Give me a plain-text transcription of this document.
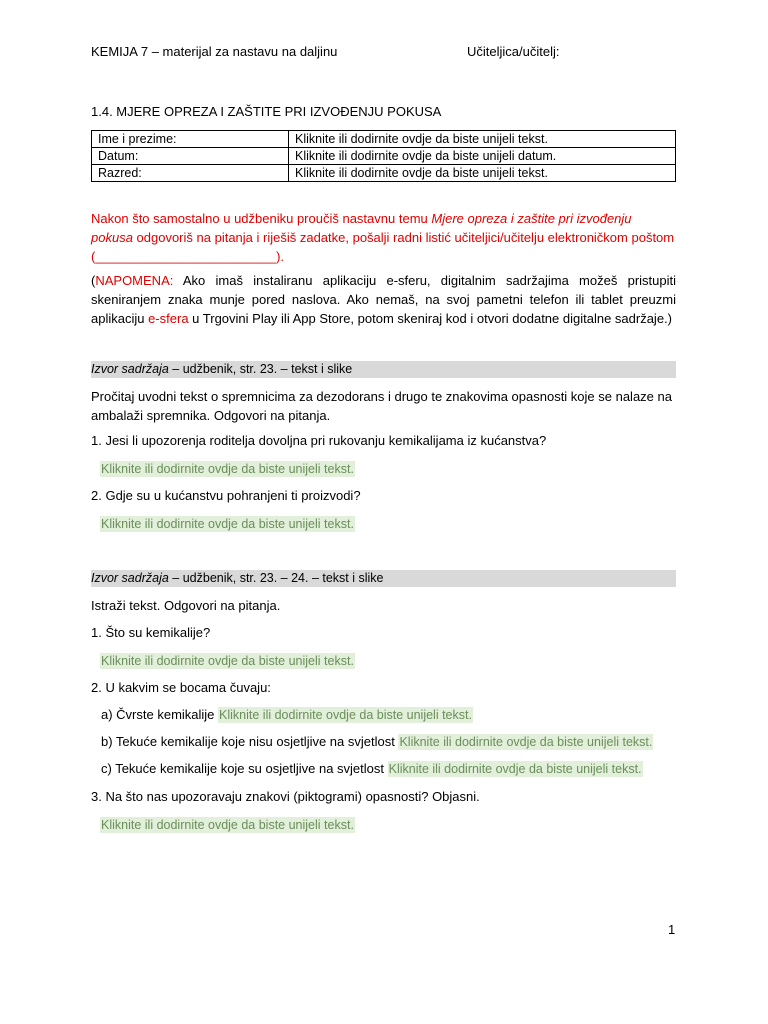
KEMIJA 7 – materijal za nastavu na daljinu	Učiteljica/učitelj:
1.4. MJERE OPREZA I ZAŠTITE PRI IZVOĐENJU POKUSA
Ime i prezime:	Kliknite ili dodirnite ovdje da biste unijeli tekst.
Datum:	Kliknite ili dodirnite ovdje da biste unijeli datum.
Razred:	Kliknite ili dodirnite ovdje da biste unijeli tekst.
Nakon što samostalno u udžbeniku proučiš nastavnu temu Mjere opreza i zaštite pri izvođenju pokusa odgovoriš na pitanja i riješiš zadatke, pošalji radni listić učiteljici/učitelju elektroničkom poštom (_________________________).
(NAPOMENA: Ako imaš instaliranu aplikaciju e-sferu, digitalnim sadržajima možeš pristupiti skeniranjem znaka munje pored naslova. Ako nemaš, na svoj pametni telefon ili tablet preuzmi aplikaciju e-sfera u Trgovini Play ili App Store, potom skeniraj kod i otvori dodatne digitalne sadržaje.)
Izvor sadržaja – udžbenik, str. 23. – tekst i slike
Pročitaj uvodni tekst o spremnicima za dezodorans i drugo te znakovima opasnosti koje se nalaze na ambalaži spremnika. Odgovori na pitanja.
1. Jesi li upozorenja roditelja dovoljna pri rukovanju kemikalijama iz kućanstva?
Kliknite ili dodirnite ovdje da biste unijeli tekst.
2. Gdje su u kućanstvu pohranjeni ti proizvodi?
Kliknite ili dodirnite ovdje da biste unijeli tekst.
Izvor sadržaja – udžbenik, str. 23. – 24. – tekst i slike
Istraži tekst. Odgovori na pitanja.
1. Što su kemikalije?
Kliknite ili dodirnite ovdje da biste unijeli tekst.
2. U kakvim se bocama čuvaju:
a) Čvrste kemikalije Kliknite ili dodirnite ovdje da biste unijeli tekst.
b) Tekuće kemikalije koje nisu osjetljive na svjetlost Kliknite ili dodirnite ovdje da biste unijeli tekst.
c) Tekuće kemikalije koje su osjetljive na svjetlost Kliknite ili dodirnite ovdje da biste unijeli tekst.
3. Na što nas upozoravaju znakovi (piktogrami) opasnosti? Objasni.
Kliknite ili dodirnite ovdje da biste unijeli tekst.
1
